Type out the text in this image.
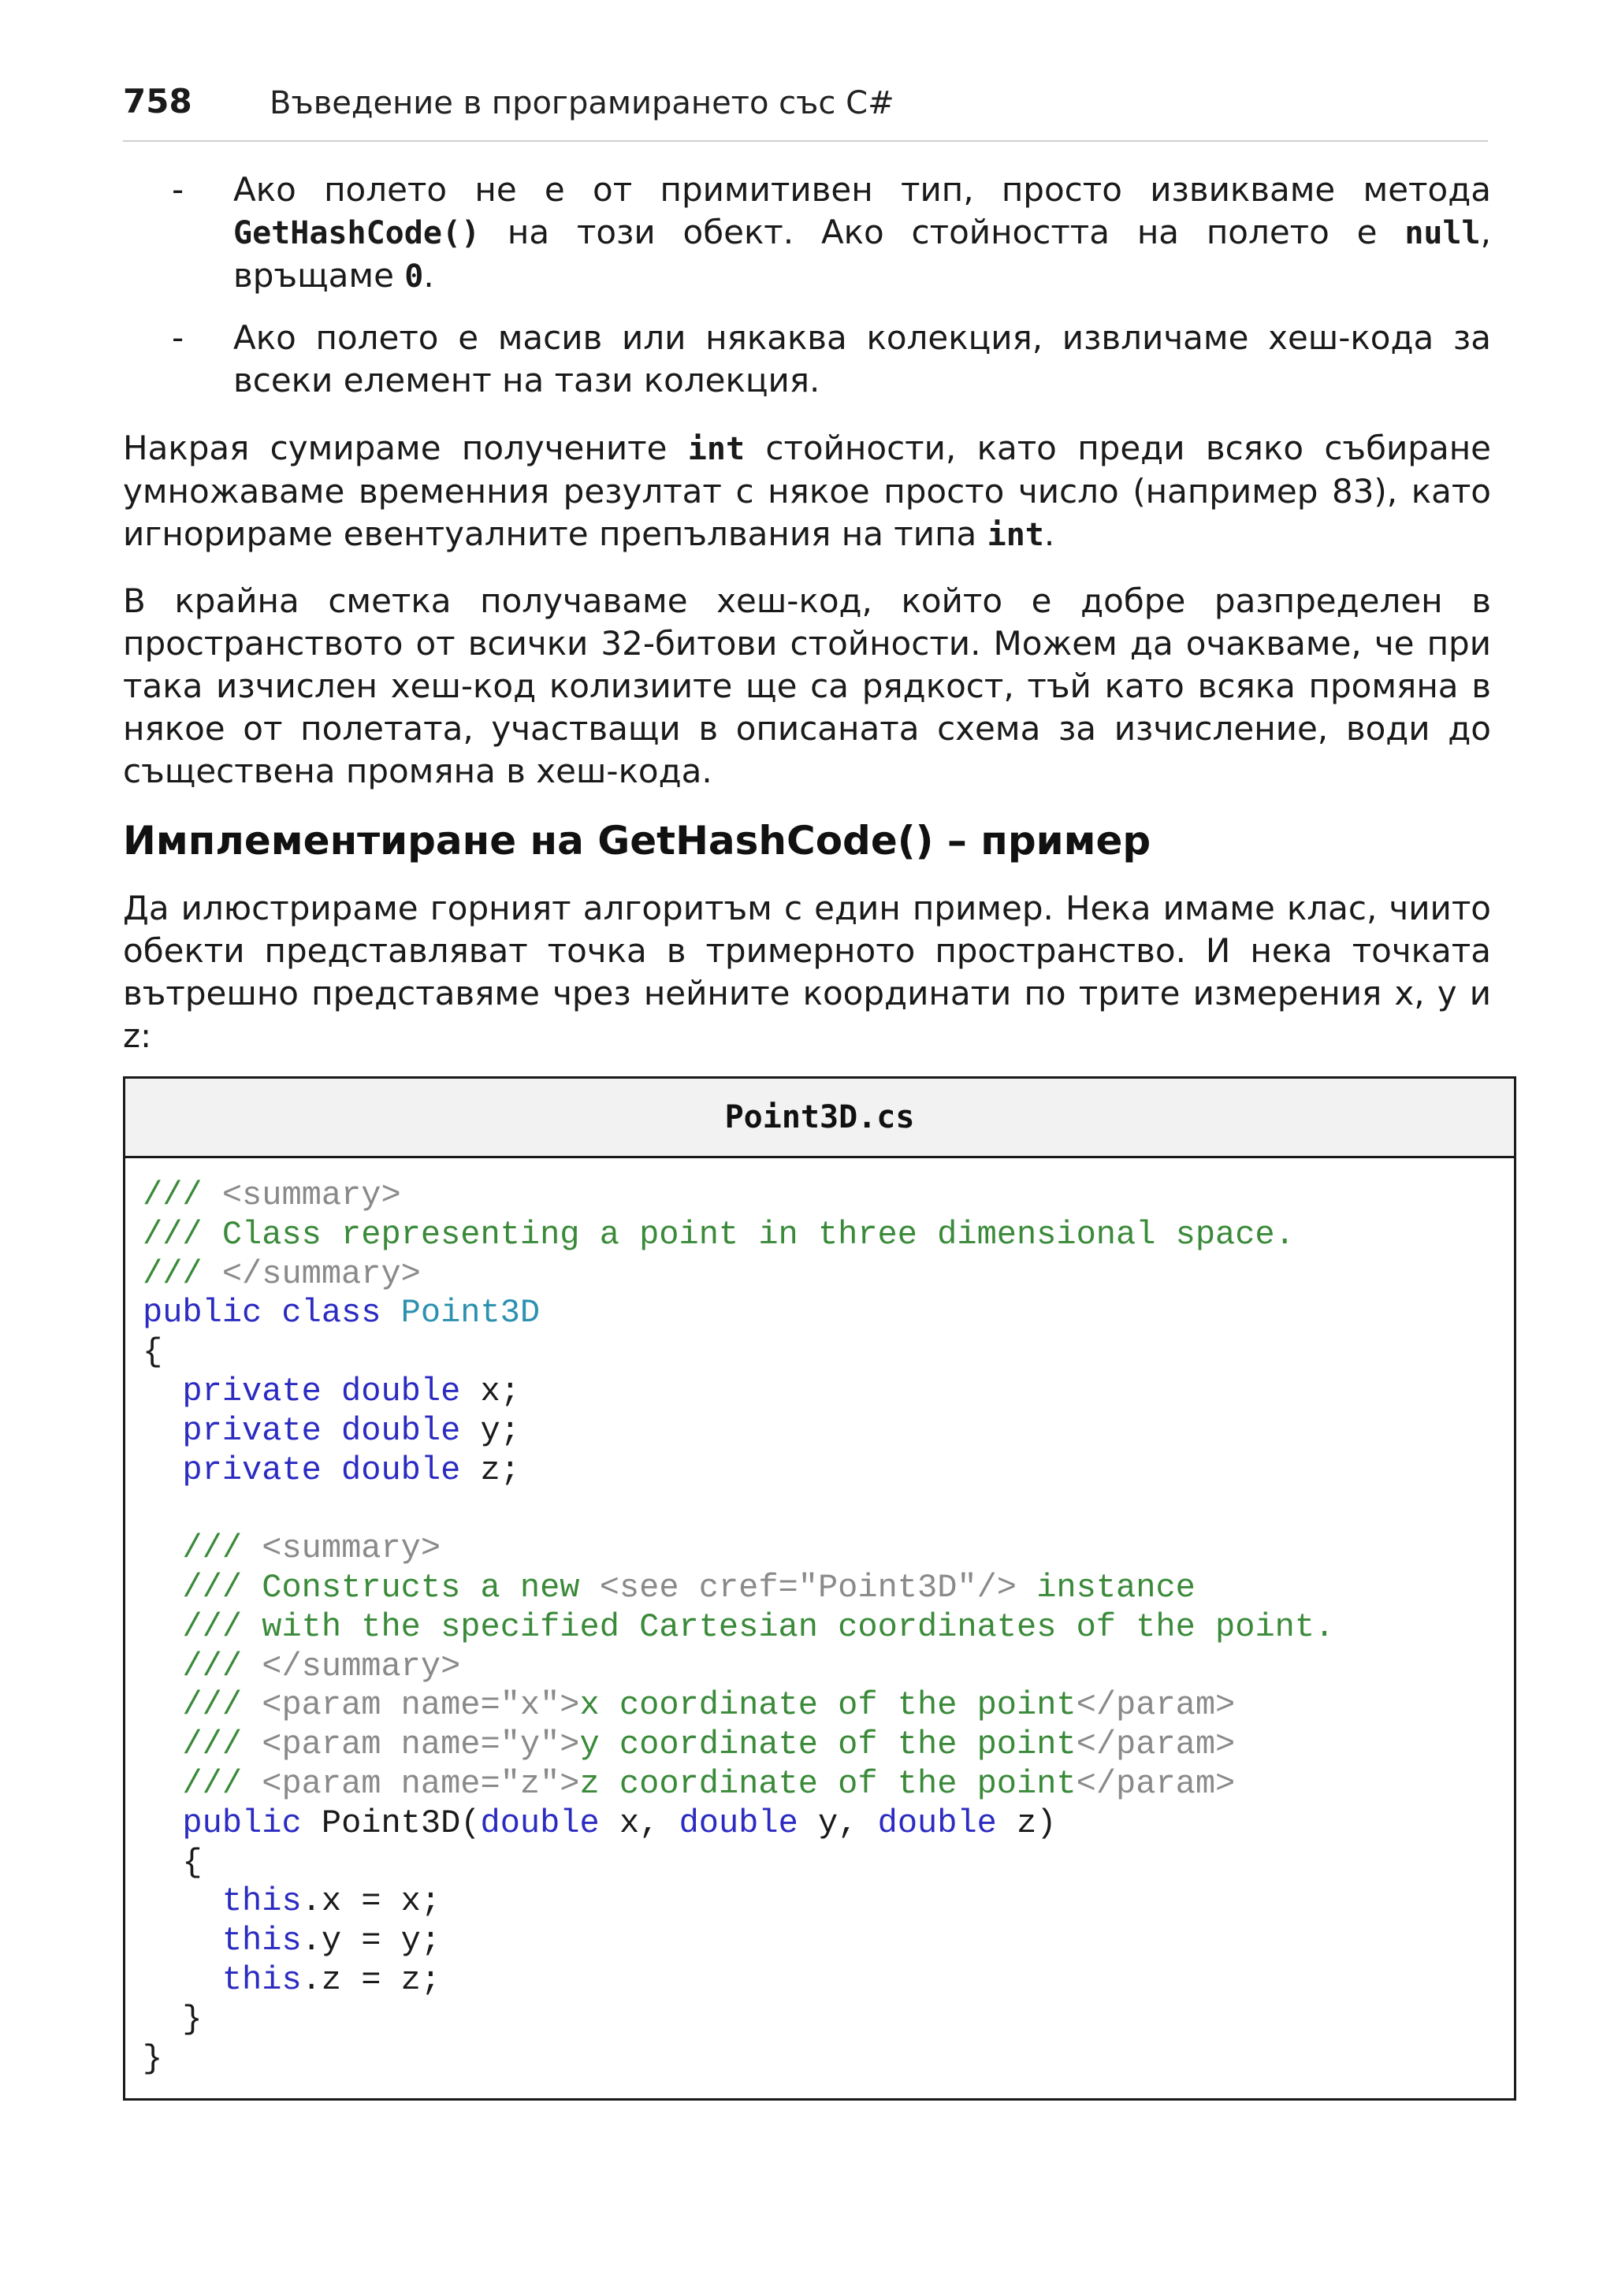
758 Въведение в програмирането със C#
- Ако полето не е от примитивен тип, просто извикваме метода GetHashCode() на този обект. Ако стойността на полето е null, връщаме 0.

- Ако полето е масив или някаква колекция, извличаме хеш-кода за всеки елемент на тази колекция.

Накрая сумираме получените int стойности, като преди всяко събиране умножаваме временния резултат с някое просто число (например 83), като игнорираме евентуалните препълвания на типа int.

В крайна сметка получаваме хеш-код, който е добре разпределен в пространството от всички 32-битови стойности. Можем да очакваме, че при така изчислен хеш-код колизиите ще са рядкост, тъй като всяка промяна в някое от полетата, участващи в описаната схема за изчисление, води до съществена промяна в хеш-кода.

Имплементиране на GetHashCode() – пример

Да илюстрираме горният алгоритъм с един пример. Нека имаме клас, чиито обекти представляват точка в тримерното пространство. И нека точката вътрешно представяме чрез нейните координати по трите измерения x, y и z:

Point3D.cs
/// <summary>
/// Class representing a point in three dimensional space.
/// </summary>
public class Point3D
{
private double x;
private double y;
private double z;

/// <summary>
/// Constructs a new <see cref="Point3D"/> instance
/// with the specified Cartesian coordinates of the point.
/// </summary>
/// <param name="x">x coordinate of the point</param>
/// <param name="y">y coordinate of the point</param>
/// <param name="z">z coordinate of the point</param>
public Point3D(double x, double y, double z)
{
this.x = x;
this.y = y;
this.z = z;
}
}
